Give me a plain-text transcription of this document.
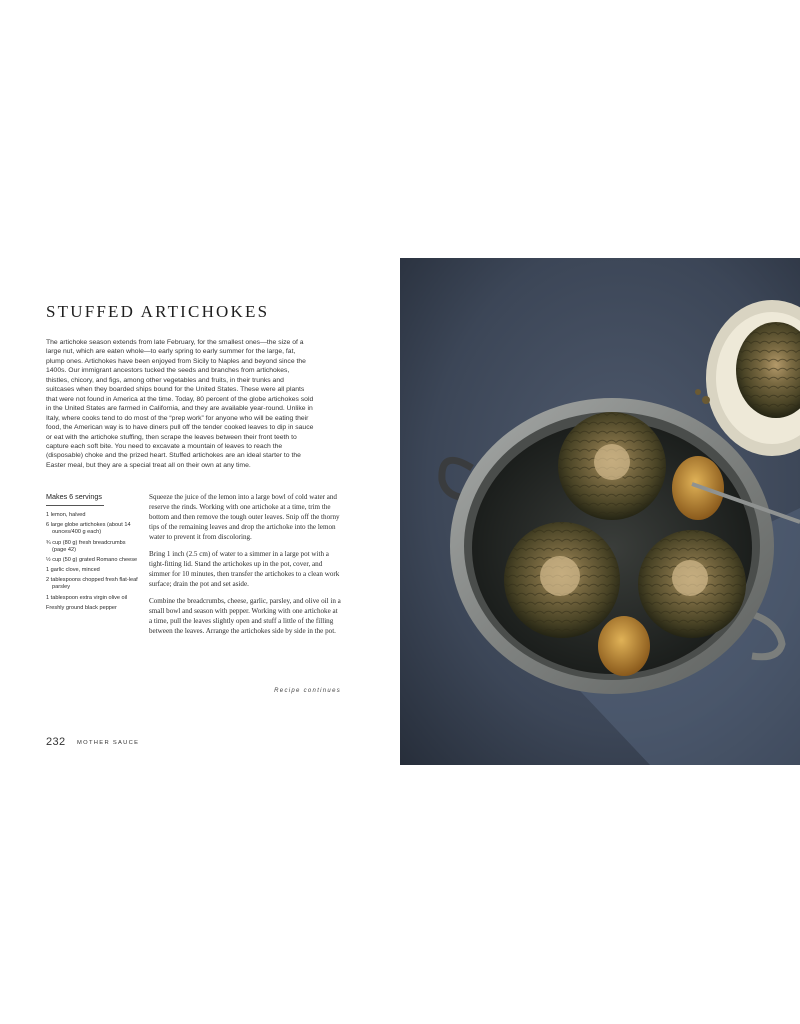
STUFFED ARTICHOKES

The artichoke season extends from late February, for the smallest ones—the size of a large nut, which are eaten whole—to early spring to early summer for the large, fat, plump ones. Artichokes have been enjoyed from Sicily to Naples and beyond since the 1400s. Our immigrant ancestors tucked the seeds and branches from artichokes, thistles, chicory, and figs, among other vegetables and fruits, in their trunks and suitcases when they boarded ships bound for the United States. These were all plants that were not found in America at the time. Today, 80 percent of the globe artichokes sold in the United States are farmed in California, and they are available year-round. Unlike in Italy, where cooks tend to do most of the “prep work” for anyone who will be eating their food, the American way is to have diners pull off the tender cooked leaves to dip in sauce or eat with the artichoke stuffing, then scrape the leaves between their front teeth to capture each soft bite. You need to excavate a mountain of leaves to reach the (disposable) choke and the prized heart. Stuffed artichokes are an ideal starter to the Easter meal, but they are a special treat all on their own at any time.

Makes 6 servings

1 lemon, halved
6 large globe artichokes (about 14 ounces/400 g each)
¾ cup (80 g) fresh breadcrumbs (page 42)
½ cup (50 g) grated Romano cheese
1 garlic clove, minced
2 tablespoons chopped fresh flat-leaf parsley
1 tablespoon extra virgin olive oil
Freshly ground black pepper

Squeeze the juice of the lemon into a large bowl of cold water and reserve the rinds. Working with one artichoke at a time, trim the bottom and then remove the tough outer leaves. Snip off the thorny tips of the remaining leaves and drop the artichoke into the lemon water to prevent it from discoloring.

Bring 1 inch (2.5 cm) of water to a simmer in a large pot with a tight-fitting lid. Stand the artichokes up in the pot, cover, and simmer for 10 minutes, then transfer the artichokes to a clean work surface; drain the pot and set aside.

Combine the breadcrumbs, cheese, garlic, parsley, and olive oil in a small bowl and season with pepper. Working with one artichoke at a time, pull the leaves slightly open and stuff a little of the filling between the leaves. Arrange the artichokes side by side in the pot.

Recipe continues

232 MOTHER SAUCE
